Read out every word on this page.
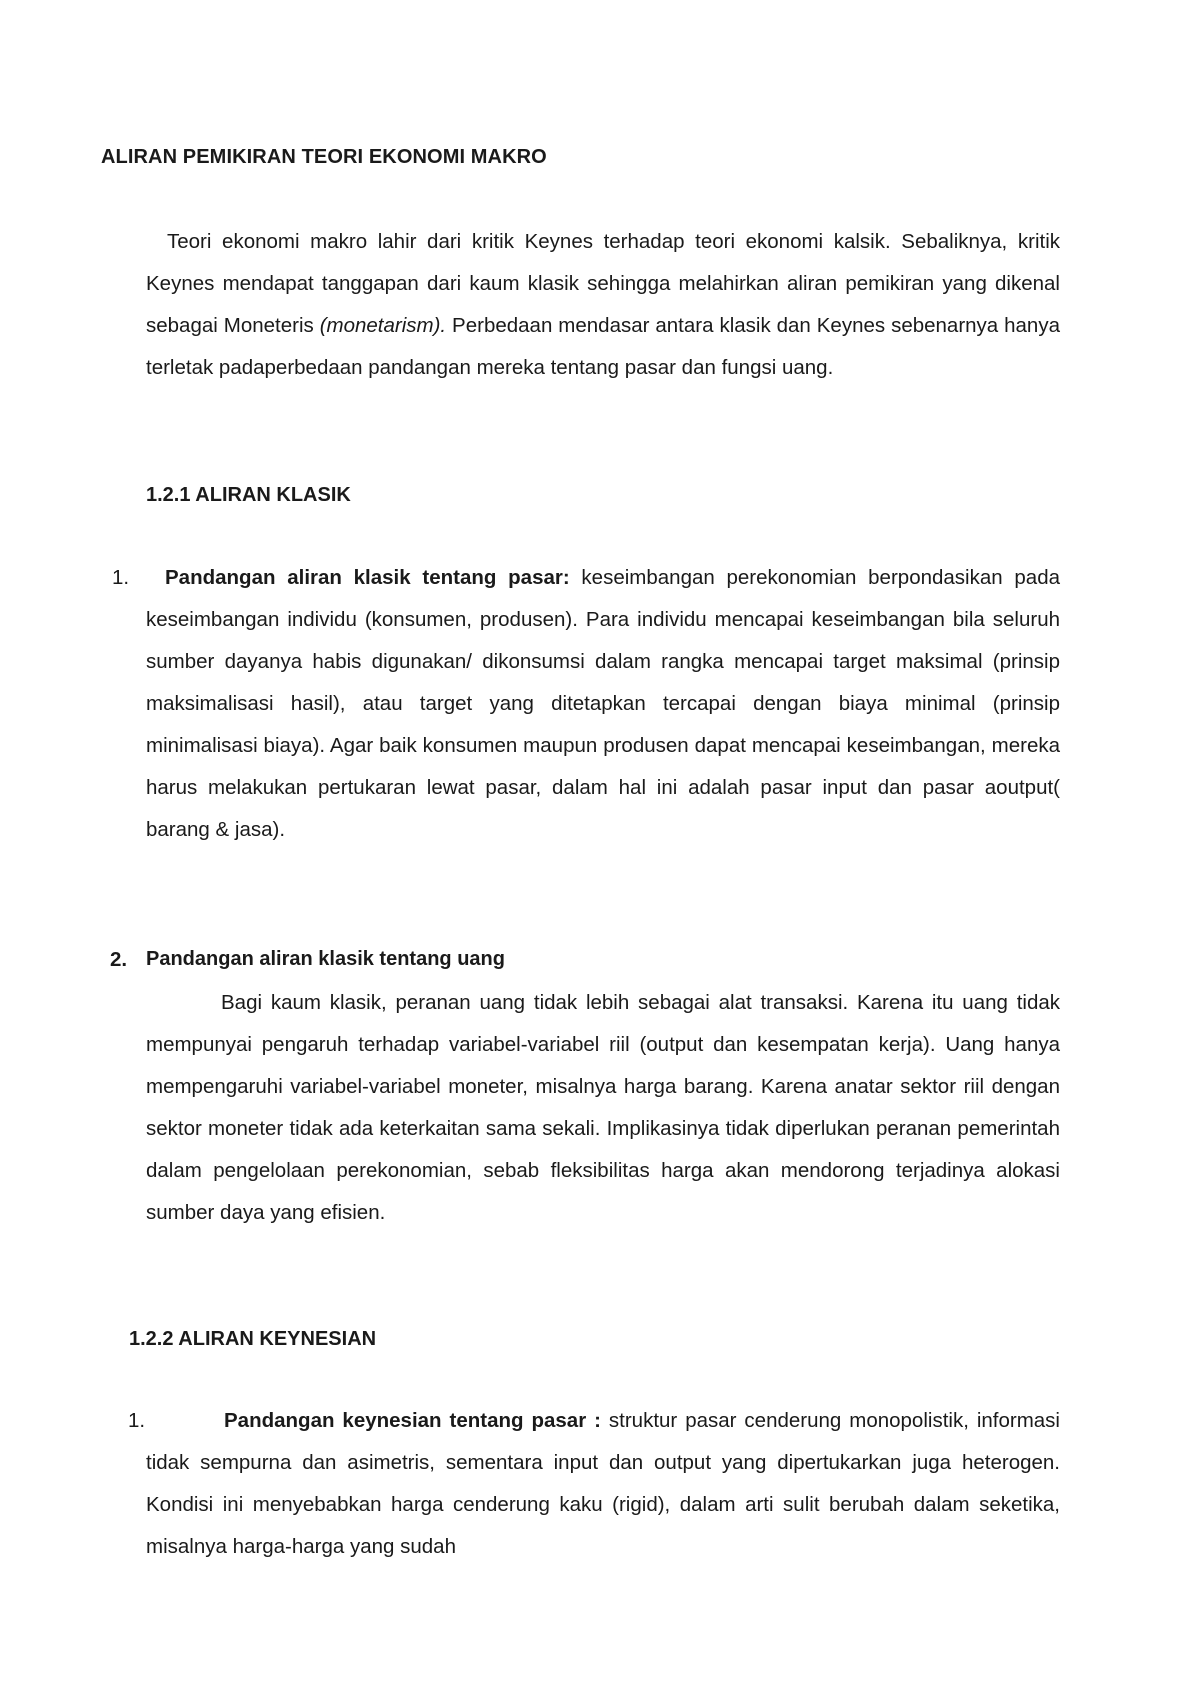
ALIRAN PEMIKIRAN TEORI EKONOMI MAKRO
Teori ekonomi makro lahir dari kritik Keynes terhadap teori ekonomi kalsik. Sebaliknya, kritik Keynes mendapat tanggapan dari kaum klasik sehingga melahirkan aliran pemikiran yang dikenal sebagai Moneteris (monetarism). Perbedaan mendasar antara klasik dan Keynes sebenarnya hanya terletak padaperbedaan pandangan mereka tentang pasar dan fungsi uang.
1.2.1 ALIRAN KLASIK
1.	Pandangan aliran klasik tentang pasar: keseimbangan perekonomian berpondasikan pada keseimbangan individu (konsumen, produsen). Para individu mencapai keseimbangan bila seluruh sumber dayanya habis digunakan/ dikonsumsi dalam rangka mencapai target maksimal (prinsip maksimalisasi hasil), atau target yang ditetapkan tercapai dengan biaya minimal (prinsip minimalisasi biaya). Agar baik konsumen maupun produsen dapat mencapai keseimbangan, mereka harus melakukan pertukaran lewat pasar, dalam hal ini adalah pasar input dan pasar aoutput( barang & jasa).
2. Pandangan aliran klasik tentang uang
Bagi kaum klasik, peranan uang tidak lebih sebagai alat transaksi. Karena itu uang tidak mempunyai pengaruh terhadap variabel-variabel riil (output dan kesempatan kerja). Uang hanya mempengaruhi variabel-variabel moneter, misalnya harga barang. Karena anatar sektor riil dengan sektor moneter tidak ada keterkaitan sama sekali. Implikasinya tidak diperlukan peranan pemerintah dalam pengelolaan perekonomian, sebab fleksibilitas harga akan mendorong terjadinya alokasi sumber daya yang efisien.
1.2.2 ALIRAN KEYNESIAN
1.	Pandangan keynesian tentang pasar : struktur pasar cenderung monopolistik, informasi tidak sempurna dan asimetris, sementara input dan output yang dipertukarkan juga heterogen. Kondisi ini menyebabkan harga cenderung kaku (rigid), dalam arti sulit berubah dalam seketika, misalnya harga-harga yang sudah
